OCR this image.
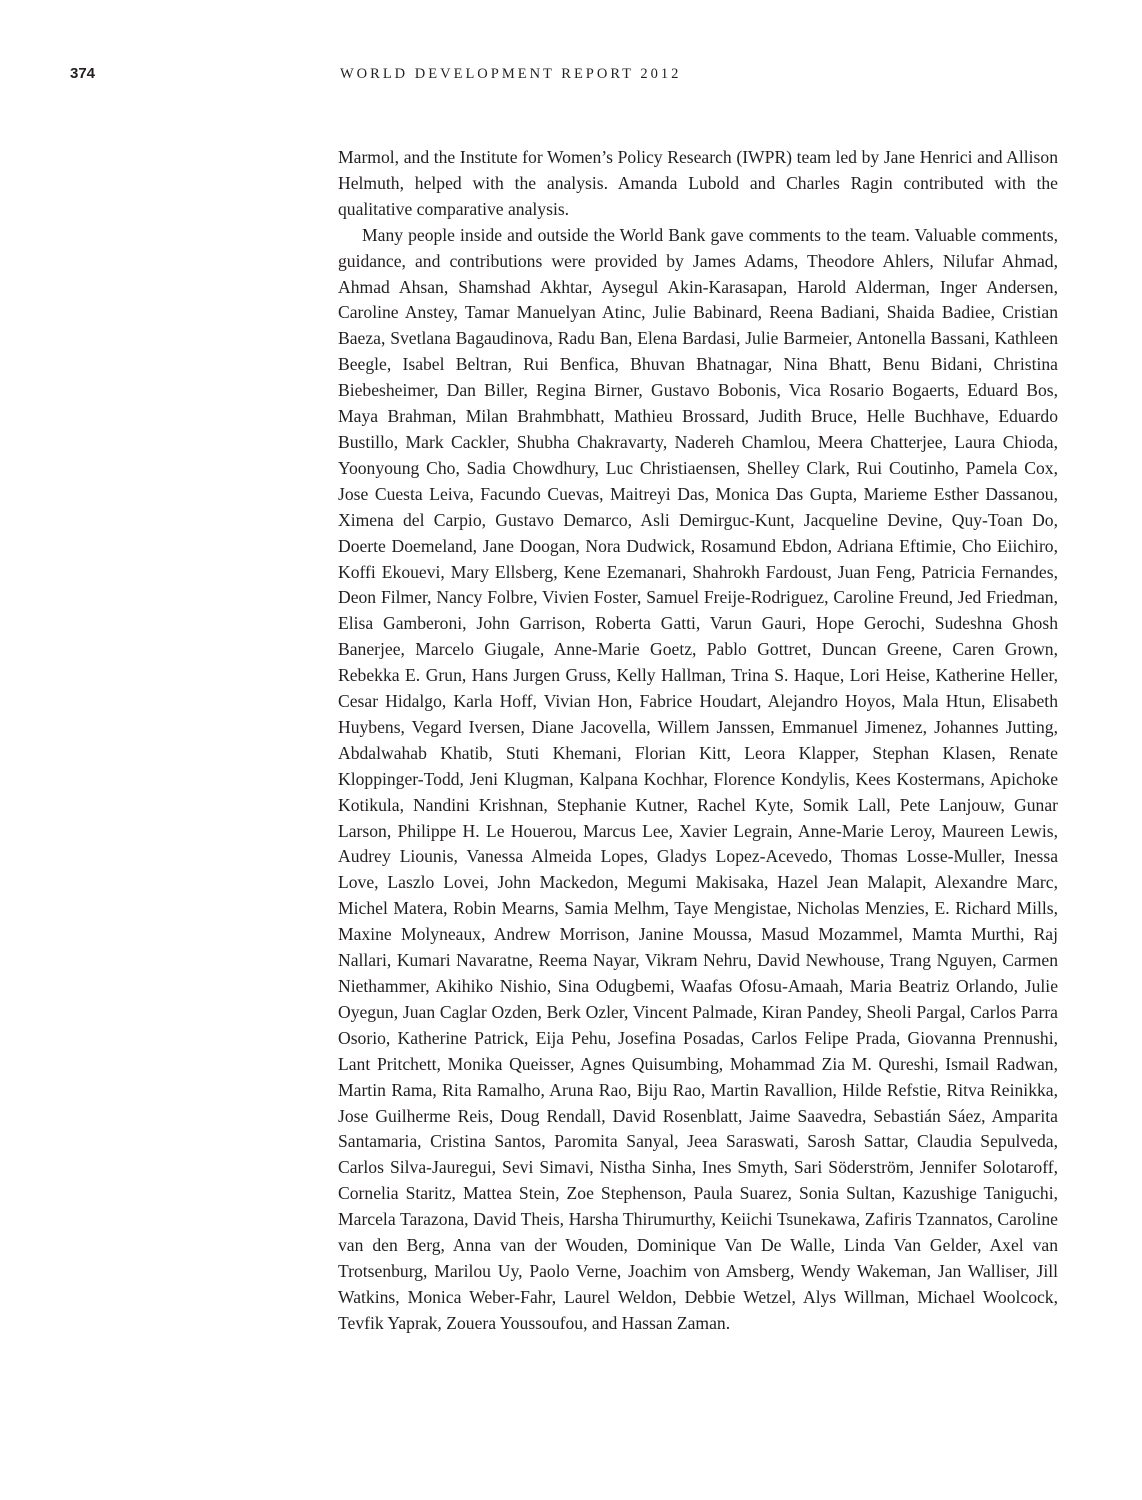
374	WORLD DEVELOPMENT REPORT 2012

Marmol, and the Institute for Women’s Policy Research (IWPR) team led by Jane Henrici and Allison Helmuth, helped with the analysis. Amanda Lubold and Charles Ragin contributed with the qualitative comparative analysis.

Many people inside and outside the World Bank gave comments to the team. Valuable comments, guidance, and contributions were provided by James Adams, Theodore Ahlers, Nilufar Ahmad, Ahmad Ahsan, Shamshad Akhtar, Aysegul Akin-Karasapan, Harold Alderman, Inger Andersen, Caroline Anstey, Tamar Manuelyan Atinc, Julie Babinard, Reena Badiani, Shaida Badiee, Cristian Baeza, Svetlana Bagaudinova, Radu Ban, Elena Bardasi, Julie Barmeier, Antonella Bassani, Kathleen Beegle, Isabel Beltran, Rui Benfica, Bhuvan Bhatnagar, Nina Bhatt, Benu Bidani, Christina Biebesheimer, Dan Biller, Regina Birner, Gustavo Bobonis, Vica Rosario Bogaerts, Eduard Bos, Maya Brahman, Milan Brahmbhatt, Mathieu Brossard, Judith Bruce, Helle Buchhave, Eduardo Bustillo, Mark Cackler, Shubha Chakravarty, Nadereh Chamlou, Meera Chatterjee, Laura Chioda, Yoonyoung Cho, Sadia Chowdhury, Luc Christiaensen, Shelley Clark, Rui Coutinho, Pamela Cox, Jose Cuesta Leiva, Facundo Cuevas, Maitreyi Das, Monica Das Gupta, Marieme Esther Dassanou, Ximena del Carpio, Gustavo Demarco, Asli Demirguc-Kunt, Jacqueline Devine, Quy-Toan Do, Doerte Doemeland, Jane Doogan, Nora Dudwick, Rosamund Ebdon, Adriana Eftimie, Cho Eiichiro, Koffi Ekouevi, Mary Ellsberg, Kene Ezemanari, Shahrokh Fardoust, Juan Feng, Patricia Fernandes, Deon Filmer, Nancy Folbre, Vivien Foster, Samuel Freije-Rodriguez, Caroline Freund, Jed Friedman, Elisa Gamberoni, John Garrison, Roberta Gatti, Varun Gauri, Hope Gerochi, Sudeshna Ghosh Banerjee, Marcelo Giugale, Anne-Marie Goetz, Pablo Gottret, Duncan Greene, Caren Grown, Rebekka E. Grun, Hans Jurgen Gruss, Kelly Hallman, Trina S. Haque, Lori Heise, Katherine Heller, Cesar Hidalgo, Karla Hoff, Vivian Hon, Fabrice Houdart, Alejandro Hoyos, Mala Htun, Elisabeth Huybens, Vegard Iversen, Diane Jacovella, Willem Janssen, Emmanuel Jimenez, Johannes Jutting, Abdalwahab Khatib, Stuti Khemani, Florian Kitt, Leora Klapper, Stephan Klasen, Renate Kloppinger-Todd, Jeni Klugman, Kalpana Kochhar, Florence Kondylis, Kees Kostermans, Apichoke Kotikula, Nandini Krishnan, Stephanie Kutner, Rachel Kyte, Somik Lall, Pete Lanjouw, Gunar Larson, Philippe H. Le Houerou, Marcus Lee, Xavier Legrain, Anne-Marie Leroy, Maureen Lewis, Audrey Liounis, Vanessa Almeida Lopes, Gladys Lopez-Acevedo, Thomas Losse-Muller, Inessa Love, Laszlo Lovei, John Mackedon, Megumi Makisaka, Hazel Jean Malapit, Alexandre Marc, Michel Matera, Robin Mearns, Samia Melhm, Taye Mengistae, Nicholas Menzies, E. Richard Mills, Maxine Molyneaux, Andrew Morrison, Janine Moussa, Masud Mozammel, Mamta Murthi, Raj Nallari, Kumari Navaratne, Reema Nayar, Vikram Nehru, David Newhouse, Trang Nguyen, Carmen Niethammer, Akihiko Nishio, Sina Odugbemi, Waafas Ofosu-Amaah, Maria Beatriz Orlando, Julie Oyegun, Juan Caglar Ozden, Berk Ozler, Vincent Palmade, Kiran Pandey, Sheoli Pargal, Carlos Parra Osorio, Katherine Patrick, Eija Pehu, Josefina Posadas, Carlos Felipe Prada, Giovanna Prennushi, Lant Pritchett, Monika Queisser, Agnes Quisumbing, Mohammad Zia M. Qureshi, Ismail Radwan, Martin Rama, Rita Ramalho, Aruna Rao, Biju Rao, Martin Ravallion, Hilde Refstie, Ritva Reinikka, Jose Guilherme Reis, Doug Rendall, David Rosenblatt, Jaime Saavedra, Sebastián Sáez, Amparita Santamaria, Cristina Santos, Paromita Sanyal, Jeea Saraswati, Sarosh Sattar, Claudia Sepulveda, Carlos Silva-Jauregui, Sevi Simavi, Nistha Sinha, Ines Smyth, Sari Söderström, Jennifer Solotaroff, Cornelia Staritz, Mattea Stein, Zoe Stephenson, Paula Suarez, Sonia Sultan, Kazushige Taniguchi, Marcela Tarazona, David Theis, Harsha Thirumurthy, Keiichi Tsunekawa, Zafiris Tzannatos, Caroline van den Berg, Anna van der Wouden, Dominique Van De Walle, Linda Van Gelder, Axel van Trotsenburg, Marilou Uy, Paolo Verne, Joachim von Amsberg, Wendy Wakeman, Jan Walliser, Jill Watkins, Monica Weber-Fahr, Laurel Weldon, Debbie Wetzel, Alys Willman, Michael Woolcock, Tevfik Yaprak, Zouera Youssoufou, and Hassan Zaman.
